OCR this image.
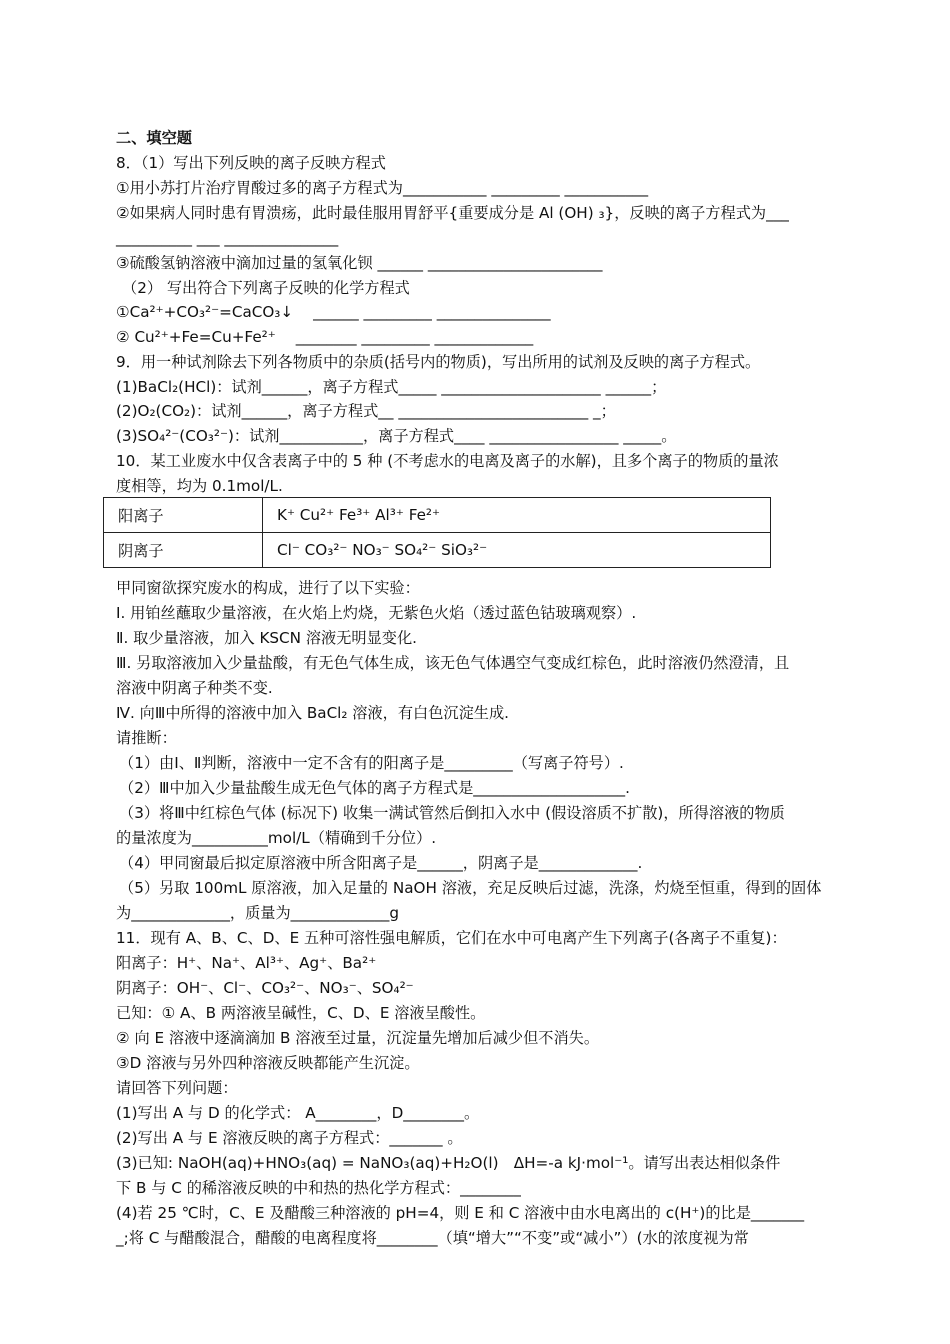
二、填空题
8．（1）写出下列反映的离子反映方程式
①用小苏打片治疗胃酸过多的离子方程式为___________ _________ ___________
②如果病人同时患有胃溃疡，此时最佳服用胃舒平{重要成分是 Al (OH) ₃}，反映的离子方程式为___
__________ ___ _______________
③硫酸氢钠溶液中滴加过量的氢氧化钡 ______ _______________________
（2） 写出符合下列离子反映的化学方程式
①Ca²⁺+CO₃²⁻=CaCO₃↓　 ______ _________ _______________
② Cu²⁺+Fe=Cu+Fe²⁺　 ________ _________ _____________
9．用一种试剂除去下列各物质中的杂质(括号内的物质)，写出所用的试剂及反映的离子方程式。
(1)BaCl₂(HCl)：试剂______，离子方程式_____ _____________________ ______；
(2)O₂(CO₂)：试剂______，离子方程式__ _________________________ _；
(3)SO₄²⁻(CO₃²⁻)：试剂___________，离子方程式____ _________________ _____。
10．某工业废水中仅含表离子中的 5 种 (不考虑水的电离及离子的水解)，且多个离子的物质的量浓
度相等，均为 0.1mol/L.
阳离子	K⁺ Cu²⁺ Fe³⁺ Al³⁺ Fe²⁺
阴离子	Cl⁻ CO₃²⁻ NO₃⁻ SO₄²⁻ SiO₃²⁻
甲同窗欲探究废水的构成，进行了以下实验：
Ⅰ. 用铂丝蘸取少量溶液，在火焰上灼烧，无紫色火焰（透过蓝色钴玻璃观察）.
Ⅱ. 取少量溶液，加入 KSCN 溶液无明显变化.
Ⅲ. 另取溶液加入少量盐酸，有无色气体生成，该无色气体遇空气变成红棕色，此时溶液仍然澄清，且
溶液中阴离子种类不变.
Ⅳ. 向Ⅲ中所得的溶液中加入 BaCl₂ 溶液，有白色沉淀生成.
请推断：
（1）由Ⅰ、Ⅱ判断，溶液中一定不含有的阳离子是_________（写离子符号）.
（2）Ⅲ中加入少量盐酸生成无色气体的离子方程式是____________________.
（3）将Ⅲ中红棕色气体 (标况下) 收集一满试管然后倒扣入水中 (假设溶质不扩散)，所得溶液的物质
的量浓度为__________mol/L（精确到千分位）.
（4）甲同窗最后拟定原溶液中所含阳离子是______，阴离子是_____________.
（5）另取 100mL 原溶液，加入足量的 NaOH 溶液，充足反映后过滤，洗涤，灼烧至恒重，得到的固体
为_____________，质量为_____________g
11．现有 A、B、C、D、E 五种可溶性强电解质，它们在水中可电离产生下列离子(各离子不重复)：
阳离子：H⁺、Na⁺、Al³⁺、Ag⁺、Ba²⁺
阴离子：OH⁻、Cl⁻、CO₃²⁻、NO₃⁻、SO₄²⁻
已知：① A、B 两溶液呈碱性，C、D、E 溶液呈酸性。
② 向 E 溶液中逐滴滴加 B 溶液至过量，沉淀量先增加后减少但不消失。
③D 溶液与另外四种溶液反映都能产生沉淀。
请回答下列问题：
(1)写出 A 与 D 的化学式： A________，D________。
(2)写出 A 与 E 溶液反映的离子方程式：_______ 。
(3)已知: NaOH(aq)+HNO₃(aq) = NaNO₃(aq)+H₂O(l)　ΔH=-a kJ·mol⁻¹。请写出表达相似条件
下 B 与 C 的稀溶液反映的中和热的热化学方程式：________
(4)若 25 ℃时，C、E 及醋酸三种溶液的 pH=4，则 E 和 C 溶液中由水电离出的 c(H⁺)的比是_______
_;将 C 与醋酸混合，醋酸的电离程度将________（填“增大”“不变”或“减小”）(水的浓度视为常
